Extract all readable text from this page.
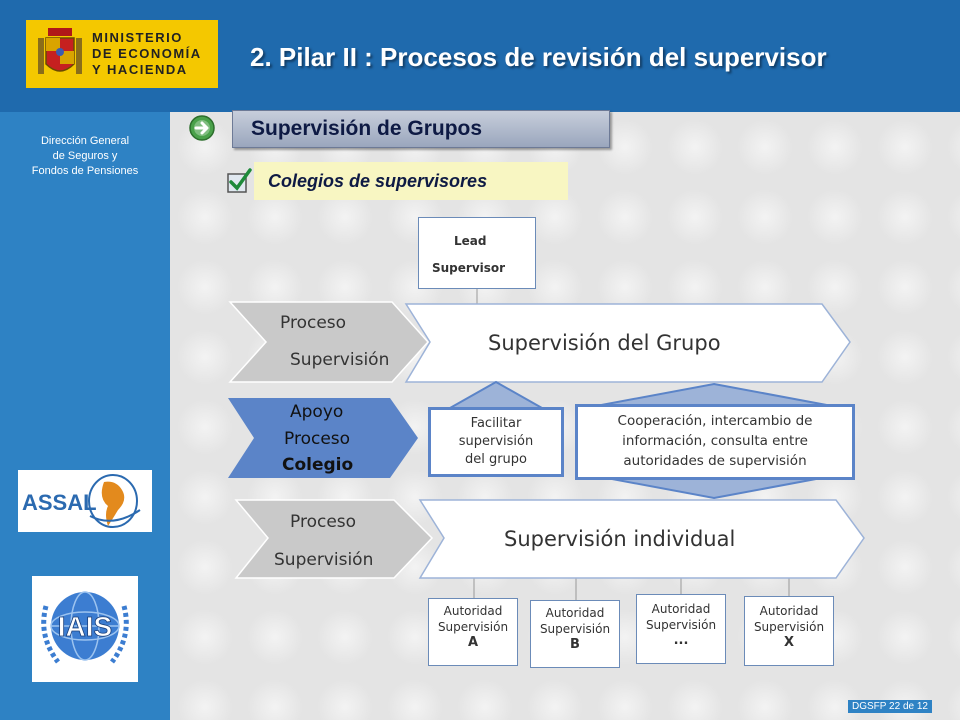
MINISTERIO
DE ECONOMÍA
Y HACIENDA	2. Pilar II : Procesos de revisión del supervisor
Dirección General
de Seguros y
Fondos de Pensiones
ASSAL
IAIS
Supervisión de Grupos
Colegios de supervisores
Lead
Supervisor
Proceso
Supervisión
Supervisión del Grupo
Apoyo
Proceso
Colegio
Facilitar
supervisión
del grupo
Cooperación, intercambio de
información, consulta entre
autoridades de supervisión
Proceso
Supervisión
Supervisión individual
Autoridad
Supervisión
A
Autoridad
Supervisión
B
Autoridad
Supervisión
...
Autoridad
Supervisión
X
DGSFP 22 de 12
